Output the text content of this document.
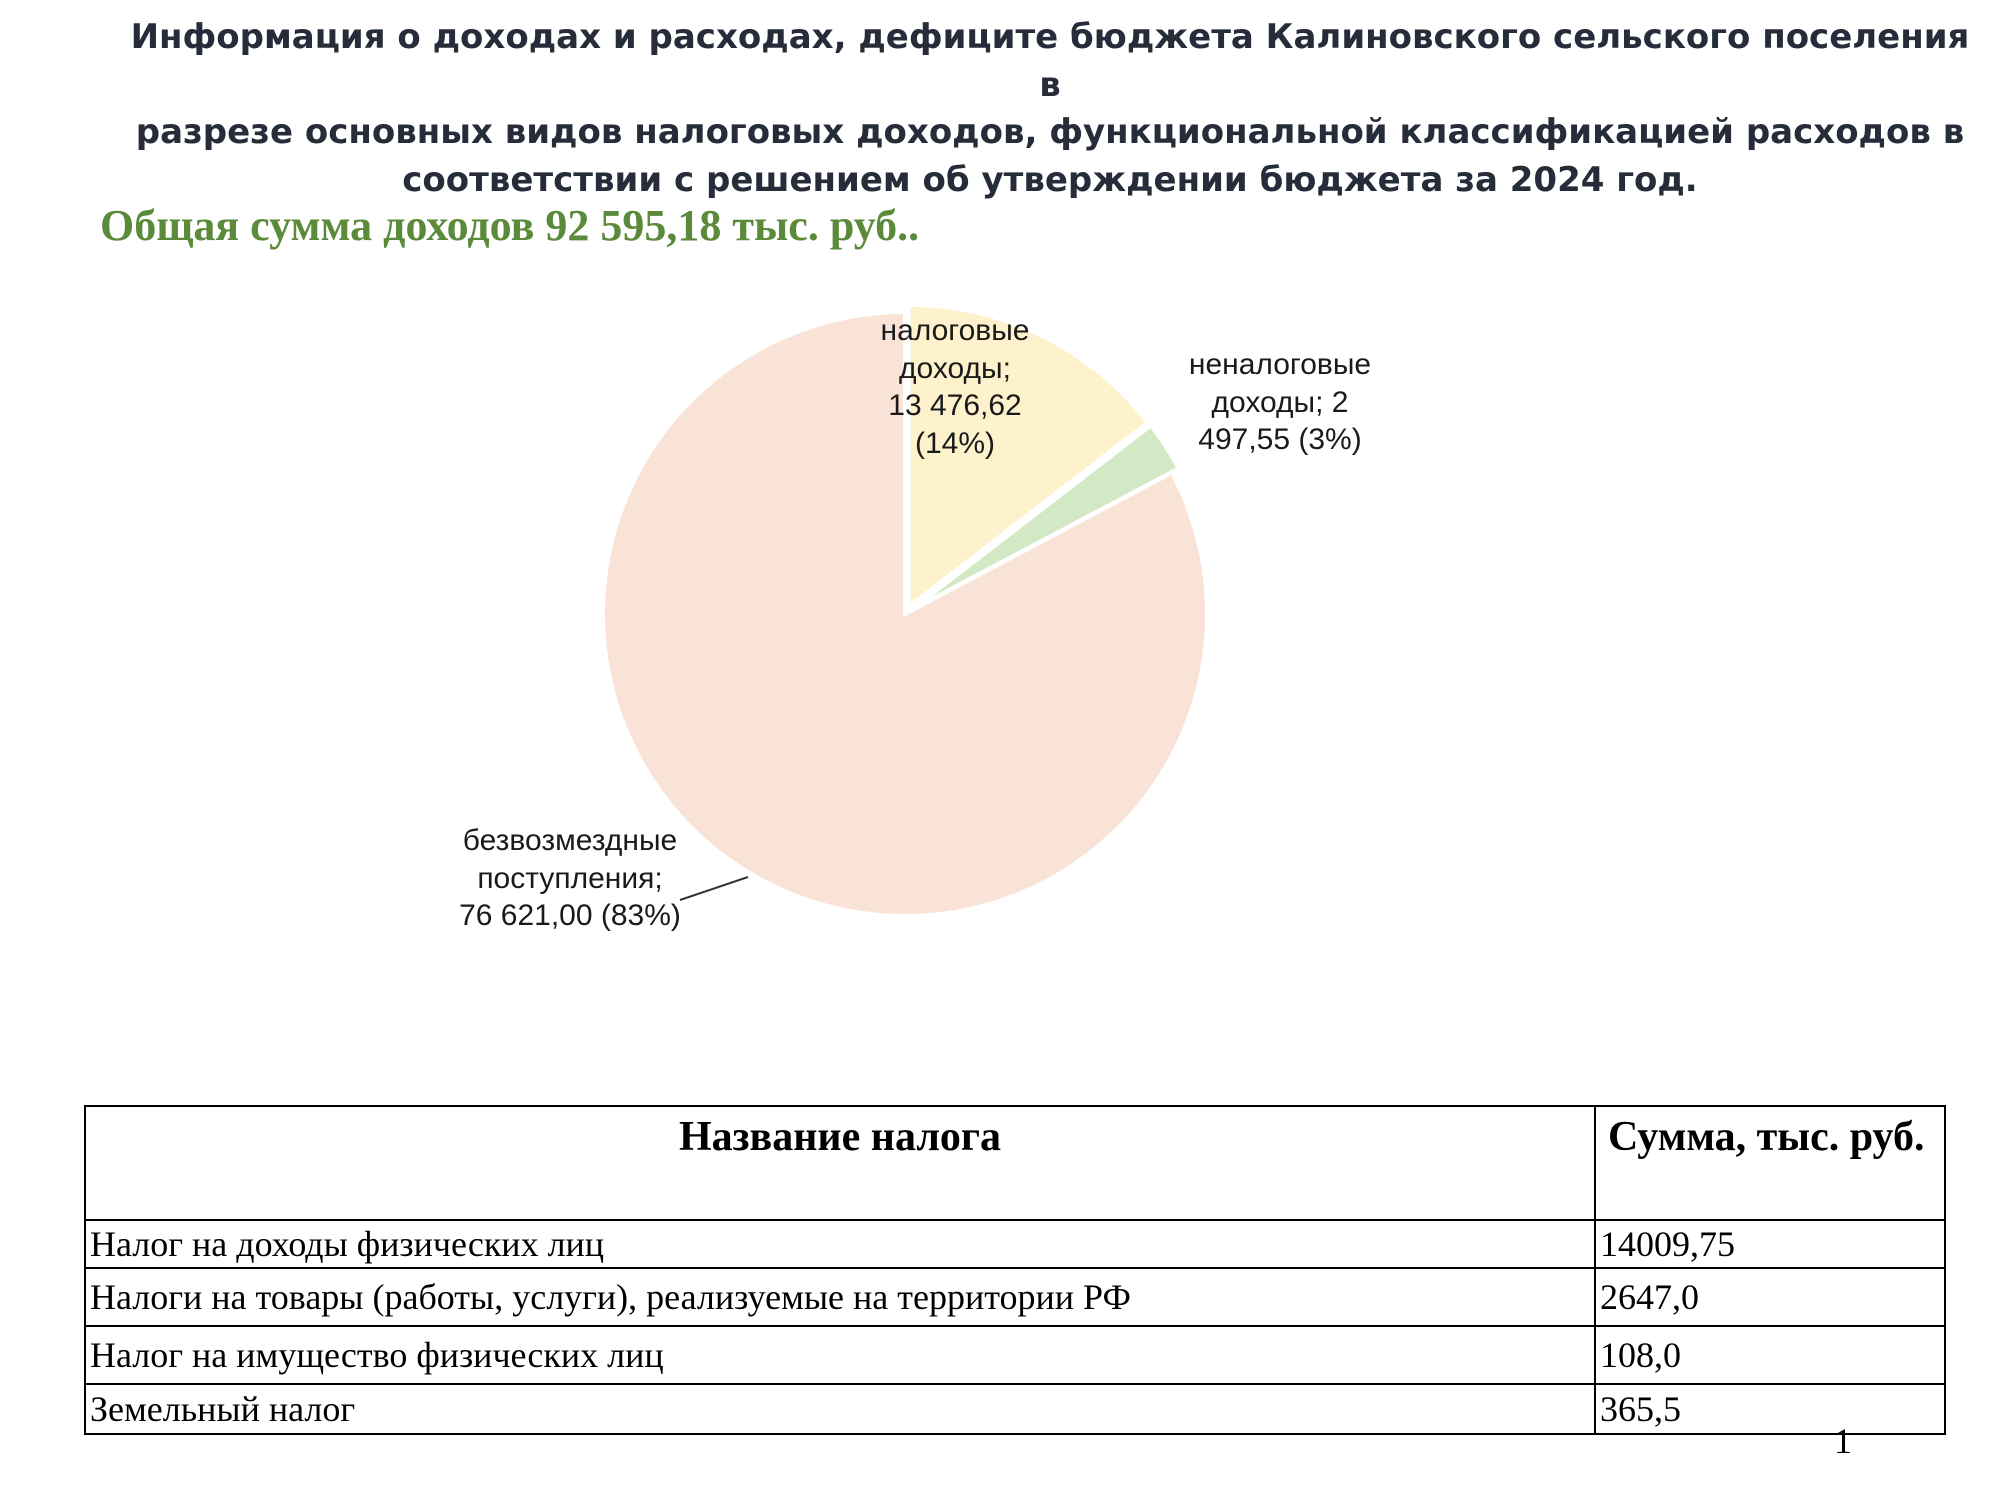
Информация о доходах и расходах, дефиците бюджета Калиновского сельского поселения в
разрезе основных видов налоговых доходов, функциональной классификацией расходов в
соответствии с решением об утверждении бюджета за 2024 год.
Общая сумма доходов 92 595,18 тыс. руб..
налоговые
доходы;
13 476,62
(14%)
неналоговые
доходы; 2
497,55 (3%)
безвозмездные
поступления;
76 621,00 (83%)
Название налога	Сумма, тыс. руб.
Налог на доходы физических лиц	14009,75
Налоги на товары (работы, услуги), реализуемые на территории РФ	2647,0
Налог на имущество физических лиц	108,0
Земельный налог	365,5
1
